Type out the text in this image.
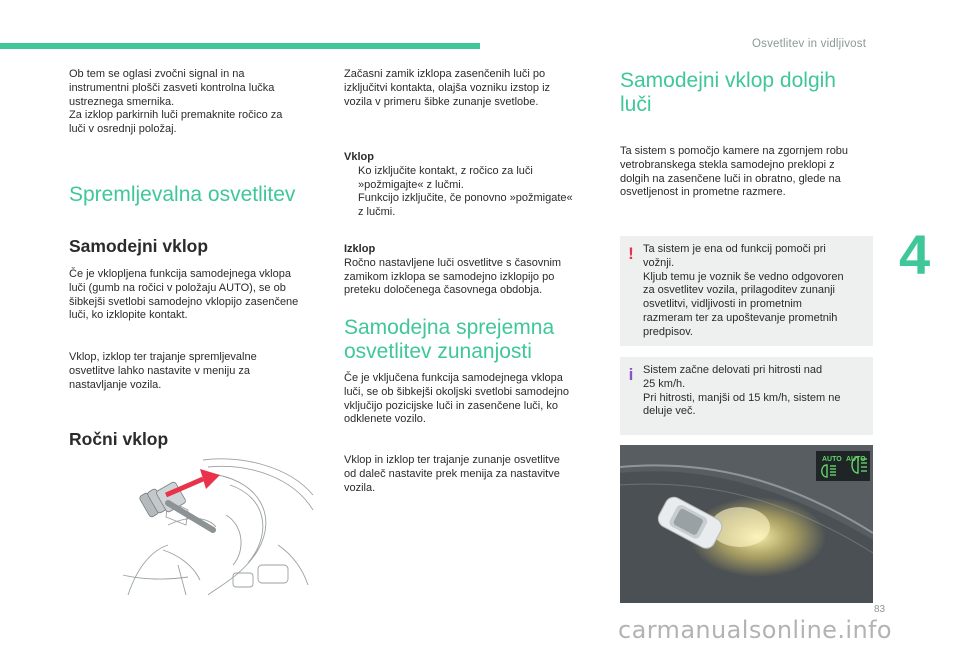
Osvetlitev in vidljivost
4
Ob tem se oglasi zvočni signal in na
instrumentni plošči zasveti kontrolna lučka
ustreznega smernika.
Za izklop parkirnih luči premaknite ročico za
luči v osrednji položaj.
Spremljevalna osvetlitev
Samodejni vklop
Če je vklopljena funkcija samodejnega vklopa
luči (gumb na ročici v položaju AUTO), se ob
šibkejši svetlobi samodejno vklopijo zasenčene
luči, ko izklopite kontakt.
Vklop, izklop ter trajanje spremljevalne
osvetlitve lahko nastavite v meniju za
nastavljanje vozila.
Ročni vklop
Začasni zamik izklopa zasenčenih luči po
izključitvi kontakta, olajša vozniku izstop iz
vozila v primeru šibke zunanje svetlobe.
Vklop
Ko izključite kontakt, z ročico za luči
»požmigajte« z lučmi.
Funkcijo izključite, če ponovno »požmigate«
z lučmi.
Izklop
Ročno nastavljene luči osvetlitve s časovnim
zamikom izklopa se samodejno izklopijo po
preteku določenega časovnega obdobja.
Samodejna sprejemna
osvetlitev zunanjosti
Če je vključena funkcija samodejnega vklopa
luči, se ob šibkejši okoljski svetlobi samodejno
vključijo pozicijske luči in zasenčene luči, ko
odklenete vozilo.
Vklop in izklop ter trajanje zunanje osvetlitve
od daleč nastavite prek menija za nastavitve
vozila.
Samodejni vklop dolgih
luči
Ta sistem s pomočjo kamere na zgornjem robu
vetrobranskega stekla samodejno preklopi z
dolgih na zasenčene luči in obratno, glede na
osvetljenost in prometne razmere.
! Ta sistem je ena od funkcij pomoči pri
vožnji.
Kljub temu je voznik še vedno odgovoren
za osvetlitev vozila, prilagoditev zunanji
osvetlitvi, vidljivosti in prometnim
razmeram ter za upoštevanje prometnih
predpisov.
i Sistem začne delovati pri hitrosti nad
25 km/h.
Pri hitrosti, manjši od 15 km/h, sistem ne
deluje več.
AUTO AUTO
83
carmanualsonline.info
